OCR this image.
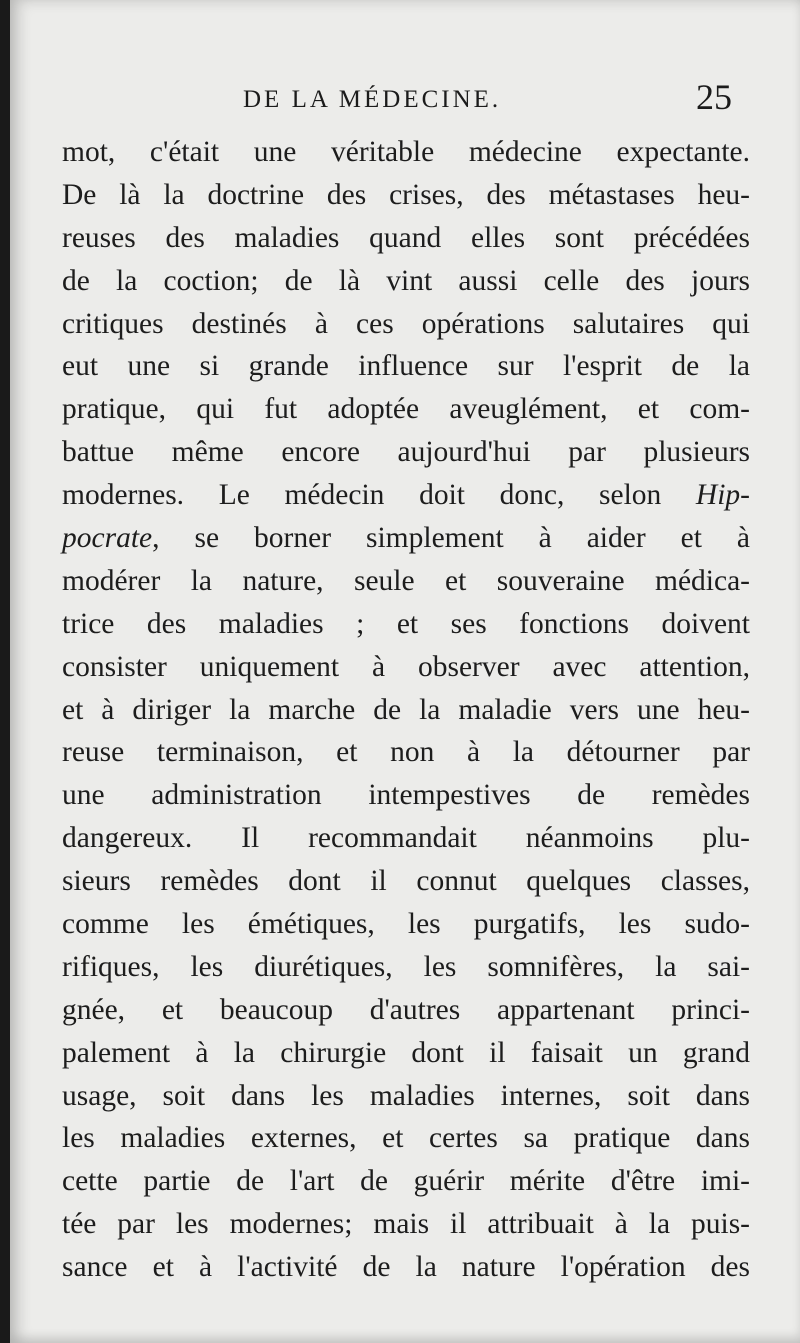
DE LA MÉDECINE.	25
mot, c'était une véritable médecine expectante.
De là la doctrine des crises, des métastases heu-
reuses des maladies quand elles sont précédées
de la coction; de là vint aussi celle des jours
critiques destinés à ces opérations salutaires qui
eut une si grande influence sur l'esprit de la
pratique, qui fut adoptée aveuglément, et com-
battue même encore aujourd'hui par plusieurs
modernes. Le médecin doit donc, selon Hip-
pocrate, se borner simplement à aider et à
modérer la nature, seule et souveraine médica-
trice des maladies ; et ses fonctions doivent
consister uniquement à observer avec attention,
et à diriger la marche de la maladie vers une heu-
reuse terminaison, et non à la détourner par
une administration intempestives de remèdes
dangereux. Il recommandait néanmoins plu-
sieurs remèdes dont il connut quelques classes,
comme les émétiques, les purgatifs, les sudo-
rifiques, les diurétiques, les somnifères, la sai-
gnée, et beaucoup d'autres appartenant princi-
palement à la chirurgie dont il faisait un grand
usage, soit dans les maladies internes, soit dans
les maladies externes, et certes sa pratique dans
cette partie de l'art de guérir mérite d'être imi-
tée par les modernes; mais il attribuait à la puis-
sance et à l'activité de la nature l'opération des
